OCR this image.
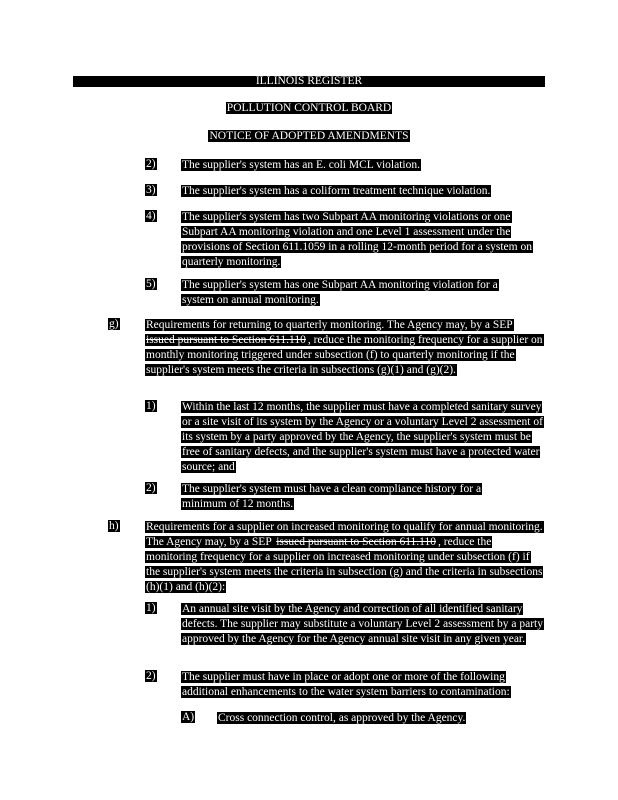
ILLINOIS REGISTER
POLLUTION CONTROL BOARD
NOTICE OF ADOPTED AMENDMENTS
2) The supplier's system has an E. coli MCL violation.
3) The supplier's system has a coliform treatment technique violation.
4) The supplier's system has two Subpart AA monitoring violations or one Subpart AA monitoring violation and one Level 1 assessment under the provisions of Section 611.1059 in a rolling 12-month period for a system on quarterly monitoring.
5) The supplier's system has one Subpart AA monitoring violation for a system on annual monitoring.
g) Requirements for returning to quarterly monitoring. The Agency may, by a SEP issued pursuant to Section 611.110 , reduce the monitoring frequency for a supplier on monthly monitoring triggered under subsection (f) to quarterly monitoring if the supplier's system meets the criteria in subsections (g)(1) and (g)(2).
1) Within the last 12 months, the supplier must have a completed sanitary survey or a site visit of its system by the Agency or a voluntary Level 2 assessment of its system by a party approved by the Agency, the supplier's system must be free of sanitary defects, and the supplier's system must have a protected water source; and
2) The supplier's system must have a clean compliance history for a minimum of 12 months.
h) Requirements for a supplier on increased monitoring to qualify for annual monitoring. The Agency may, by a SEP issued pursuant to Section 611.110 , reduce the monitoring frequency for a supplier on increased monitoring under subsection (f) if the supplier's system meets the criteria in subsection (g) and the criteria in subsections (h)(1) and (h)(2):
1) An annual site visit by the Agency and correction of all identified sanitary defects. The supplier may substitute a voluntary Level 2 assessment by a party approved by the Agency for the Agency annual site visit in any given year.
2) The supplier must have in place or adopt one or more of the following additional enhancements to the water system barriers to contamination:
A) Cross connection control, as approved by the Agency.
